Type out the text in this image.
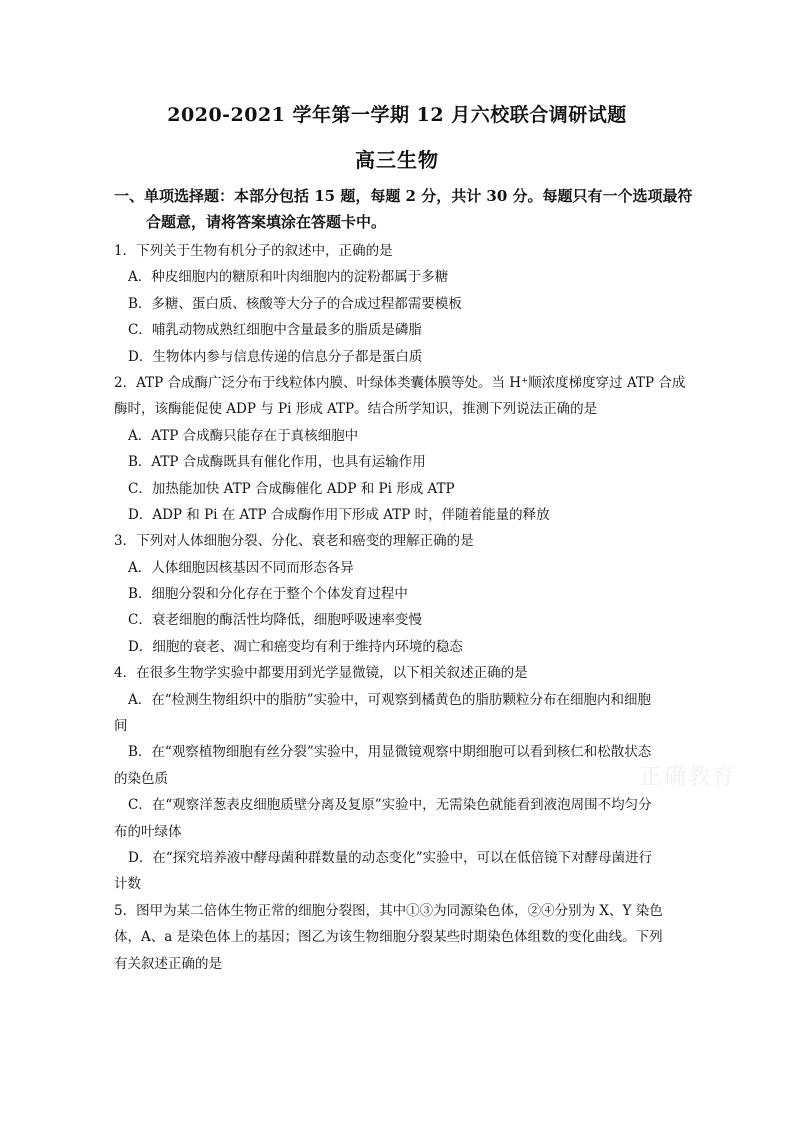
2020-2021 学年第一学期 12 月六校联合调研试题
高三生物
一、单项选择题：本部分包括 15 题，每题 2 分，共计 30 分。每题只有一个选项最符合题意，请将答案填涂在答题卡中。
1．下列关于生物有机分子的叙述中，正确的是
A．种皮细胞内的糖原和叶肉细胞内的淀粉都属于多糖
B．多糖、蛋白质、核酸等大分子的合成过程都需要模板
C．哺乳动物成熟红细胞中含量最多的脂质是磷脂
D．生物体内参与信息传递的信息分子都是蛋白质
2．ATP 合成酶广泛分布于线粒体内膜、叶绿体类囊体膜等处。当 H⁺顺浓度梯度穿过 ATP 合成
酶时，该酶能促使 ADP 与 Pi 形成 ATP。结合所学知识，推测下列说法正确的是
A．ATP 合成酶只能存在于真核细胞中
B．ATP 合成酶既具有催化作用，也具有运输作用
C．加热能加快 ATP 合成酶催化 ADP 和 Pi 形成 ATP
D．ADP 和 Pi 在 ATP 合成酶作用下形成 ATP 时，伴随着能量的释放
3．下列对人体细胞分裂、分化、衰老和癌变的理解正确的是
A．人体细胞因核基因不同而形态各异
B．细胞分裂和分化存在于整个个体发育过程中
C．衰老细胞的酶活性均降低，细胞呼吸速率变慢
D．细胞的衰老、凋亡和癌变均有利于维持内环境的稳态
4．在很多生物学实验中都要用到光学显微镜，以下相关叙述正确的是
A．在“检测生物组织中的脂肪”实验中，可观察到橘黄色的脂肪颗粒分布在细胞内和细胞
间
B．在“观察植物细胞有丝分裂”实验中，用显微镜观察中期细胞可以看到核仁和松散状态
的染色质
C．在“观察洋葱表皮细胞质壁分离及复原”实验中，无需染色就能看到液泡周围不均匀分
布的叶绿体
D．在“探究培养液中酵母菌种群数量的动态变化”实验中，可以在低倍镜下对酵母菌进行
计数
5．图甲为某二倍体生物正常的细胞分裂图，其中①③为同源染色体，②④分别为 X、Y 染色
体，A、a 是染色体上的基因；图乙为该生物细胞分裂某些时期染色体组数的变化曲线。下列
有关叙述正确的是
正确教育
